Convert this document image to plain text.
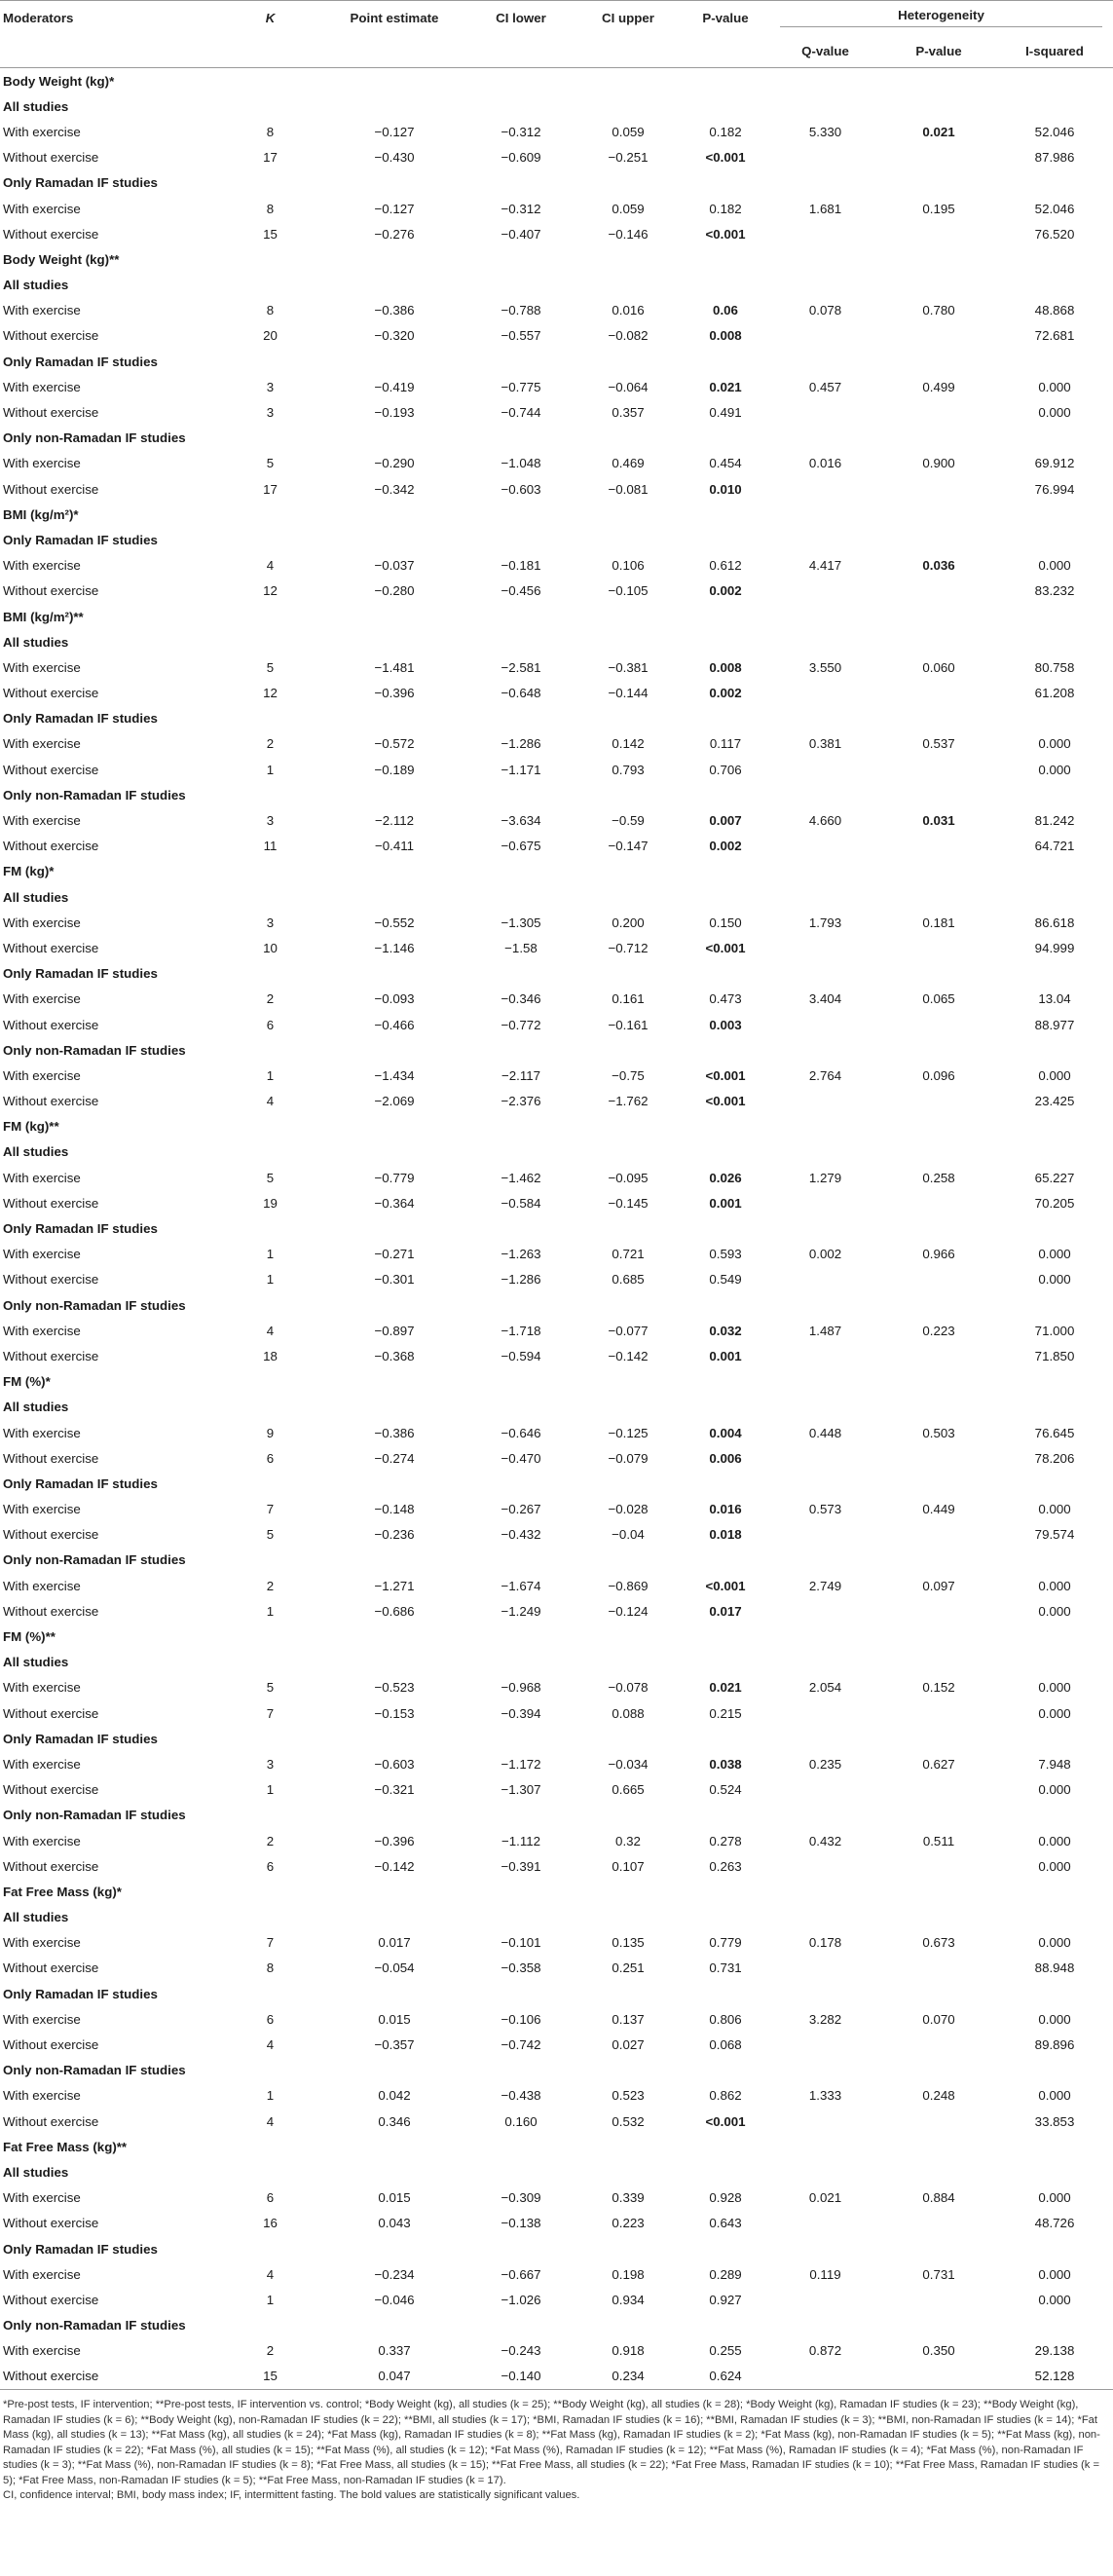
Moderators	K	Point estimate	CI lower	CI upper	P-value	Heterogeneity		

						Q-value	P-value	I-squared
Body Weight (kg)*								
All studies								
With exercise	8	−0.127	−0.312	0.059	0.182	5.330	0.021	52.046
Without exercise	17	−0.430	−0.609	−0.251	<0.001			87.986
Only Ramadan IF studies								
With exercise	8	−0.127	−0.312	0.059	0.182	1.681	0.195	52.046
Without exercise	15	−0.276	−0.407	−0.146	<0.001			76.520
Body Weight (kg)**								
All studies								
With exercise	8	−0.386	−0.788	0.016	0.06	0.078	0.780	48.868
Without exercise	20	−0.320	−0.557	−0.082	0.008			72.681
Only Ramadan IF studies								
With exercise	3	−0.419	−0.775	−0.064	0.021	0.457	0.499	0.000
Without exercise	3	−0.193	−0.744	0.357	0.491			0.000
Only non-Ramadan IF studies								
With exercise	5	−0.290	−1.048	0.469	0.454	0.016	0.900	69.912
Without exercise	17	−0.342	−0.603	−0.081	0.010			76.994
BMI (kg/m²)*								
Only Ramadan IF studies								
With exercise	4	−0.037	−0.181	0.106	0.612	4.417	0.036	0.000
Without exercise	12	−0.280	−0.456	−0.105	0.002			83.232
BMI (kg/m²)**								
All studies								
With exercise	5	−1.481	−2.581	−0.381	0.008	3.550	0.060	80.758
Without exercise	12	−0.396	−0.648	−0.144	0.002			61.208
Only Ramadan IF studies								
With exercise	2	−0.572	−1.286	0.142	0.117	0.381	0.537	0.000
Without exercise	1	−0.189	−1.171	0.793	0.706			0.000
Only non-Ramadan IF studies								
With exercise	3	−2.112	−3.634	−0.59	0.007	4.660	0.031	81.242
Without exercise	11	−0.411	−0.675	−0.147	0.002			64.721
FM (kg)*								
All studies								
With exercise	3	−0.552	−1.305	0.200	0.150	1.793	0.181	86.618
Without exercise	10	−1.146	−1.58	−0.712	<0.001			94.999
Only Ramadan IF studies								
With exercise	2	−0.093	−0.346	0.161	0.473	3.404	0.065	13.04
Without exercise	6	−0.466	−0.772	−0.161	0.003			88.977
Only non-Ramadan IF studies								
With exercise	1	−1.434	−2.117	−0.75	<0.001	2.764	0.096	0.000
Without exercise	4	−2.069	−2.376	−1.762	<0.001			23.425
FM (kg)**								
All studies								
With exercise	5	−0.779	−1.462	−0.095	0.026	1.279	0.258	65.227
Without exercise	19	−0.364	−0.584	−0.145	0.001			70.205
Only Ramadan IF studies								
With exercise	1	−0.271	−1.263	0.721	0.593	0.002	0.966	0.000
Without exercise	1	−0.301	−1.286	0.685	0.549			0.000
Only non-Ramadan IF studies								
With exercise	4	−0.897	−1.718	−0.077	0.032	1.487	0.223	71.000
Without exercise	18	−0.368	−0.594	−0.142	0.001			71.850
FM (%)*								
All studies								
With exercise	9	−0.386	−0.646	−0.125	0.004	0.448	0.503	76.645
Without exercise	6	−0.274	−0.470	−0.079	0.006			78.206
Only Ramadan IF studies								
With exercise	7	−0.148	−0.267	−0.028	0.016	0.573	0.449	0.000
Without exercise	5	−0.236	−0.432	−0.04	0.018			79.574
Only non-Ramadan IF studies								
With exercise	2	−1.271	−1.674	−0.869	<0.001	2.749	0.097	0.000
Without exercise	1	−0.686	−1.249	−0.124	0.017			0.000
FM (%)**								
All studies								
With exercise	5	−0.523	−0.968	−0.078	0.021	2.054	0.152	0.000
Without exercise	7	−0.153	−0.394	0.088	0.215			0.000
Only Ramadan IF studies								
With exercise	3	−0.603	−1.172	−0.034	0.038	0.235	0.627	7.948
Without exercise	1	−0.321	−1.307	0.665	0.524			0.000
Only non-Ramadan IF studies								
With exercise	2	−0.396	−1.112	0.32	0.278	0.432	0.511	0.000
Without exercise	6	−0.142	−0.391	0.107	0.263			0.000
Fat Free Mass (kg)*								
All studies								
With exercise	7	0.017	−0.101	0.135	0.779	0.178	0.673	0.000
Without exercise	8	−0.054	−0.358	0.251	0.731			88.948
Only Ramadan IF studies								
With exercise	6	0.015	−0.106	0.137	0.806	3.282	0.070	0.000
Without exercise	4	−0.357	−0.742	0.027	0.068			89.896
Only non-Ramadan IF studies								
With exercise	1	0.042	−0.438	0.523	0.862	1.333	0.248	0.000
Without exercise	4	0.346	0.160	0.532	<0.001			33.853
Fat Free Mass (kg)**								
All studies								
With exercise	6	0.015	−0.309	0.339	0.928	0.021	0.884	0.000
Without exercise	16	0.043	−0.138	0.223	0.643			48.726
Only Ramadan IF studies								
With exercise	4	−0.234	−0.667	0.198	0.289	0.119	0.731	0.000
Without exercise	1	−0.046	−1.026	0.934	0.927			0.000
Only non-Ramadan IF studies								
With exercise	2	0.337	−0.243	0.918	0.255	0.872	0.350	29.138
Without exercise	15	0.047	−0.140	0.234	0.624			52.128

*Pre-post tests, IF intervention; **Pre-post tests, IF intervention vs. control; *Body Weight (kg), all studies (k = 25); **Body Weight (kg), all studies (k = 28); *Body Weight (kg), Ramadan IF studies (k = 23); **Body Weight (kg), Ramadan IF studies (k = 6); **Body Weight (kg), non-Ramadan IF studies (k = 22); **BMI, all studies (k = 17); *BMI, Ramadan IF studies (k = 16); **BMI, Ramadan IF studies (k = 3); **BMI, non-Ramadan IF studies (k = 14); *Fat Mass (kg), all studies (k = 13); **Fat Mass (kg), all studies (k = 24); *Fat Mass (kg), Ramadan IF studies (k = 8); **Fat Mass (kg), Ramadan IF studies (k = 2); *Fat Mass (kg), non-Ramadan IF studies (k = 5); **Fat Mass (kg), non-Ramadan IF studies (k = 22); *Fat Mass (%), all studies (k = 15); **Fat Mass (%), all studies (k = 12); *Fat Mass (%), Ramadan IF studies (k = 12); **Fat Mass (%), Ramadan IF studies (k = 4); *Fat Mass (%), non-Ramadan IF studies (k = 3); **Fat Mass (%), non-Ramadan IF studies (k = 8); *Fat Free Mass, all studies (k = 15); **Fat Free Mass, all studies (k = 22); *Fat Free Mass, Ramadan IF studies (k = 10); **Fat Free Mass, Ramadan IF studies (k = 5); *Fat Free Mass, non-Ramadan IF studies (k = 5); **Fat Free Mass, non-Ramadan IF studies (k = 17).

CI, confidence interval; BMI, body mass index; IF, intermittent fasting. The bold values are statistically significant values.
